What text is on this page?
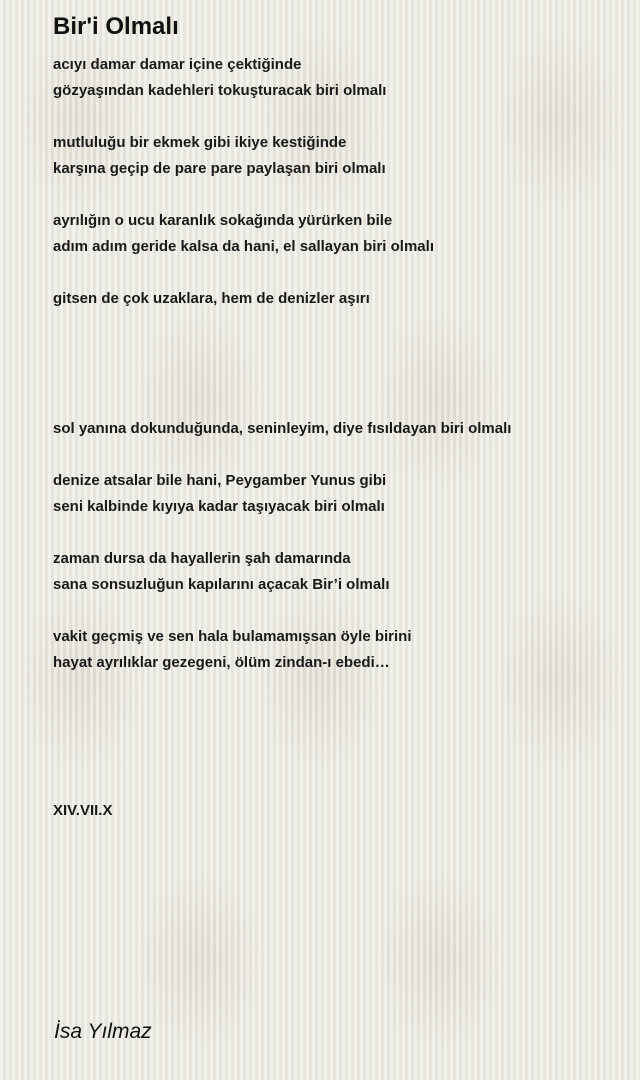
Bir'i Olmalı
acıyı damar damar içine çektiğinde
gözyaşından kadehleri tokuşturacak biri olmalı
mutluluğu bir ekmek gibi ikiye kestiğinde
karşına geçip de pare pare paylaşan biri olmalı
ayrılığın o ucu karanlık sokağında yürürken bile
adım adım geride kalsa da hani, el sallayan biri olmalı
gitsen de çok uzaklara, hem de denizler aşırı
sol yanına dokunduğunda, seninleyim, diye fısıldayan biri olmalı
denize atsalar bile hani, Peygamber Yunus gibi
seni kalbinde kıyıya kadar taşıyacak biri olmalı
zaman dursa da hayallerin şah damarında
sana sonsuzluğun kapılarını açacak Bir’i olmalı
vakit geçmiş ve sen hala bulamamışsan öyle birini
hayat ayrılıklar gezegeni, ölüm zindan-ı ebedi…
XIV.VII.X
İsa Yılmaz
